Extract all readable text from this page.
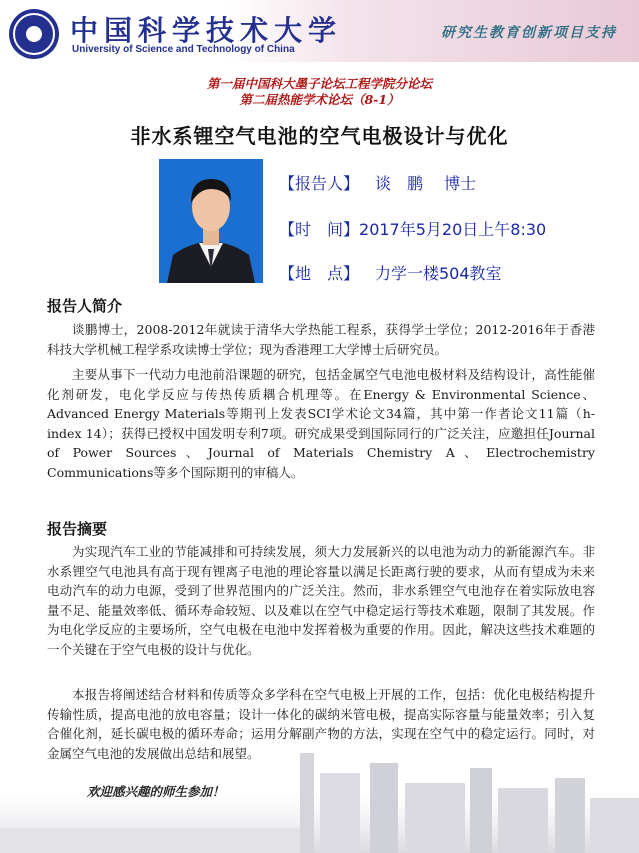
中国科学技术大学
University of Science and Technology of China
研究生教育创新项目支持
第一届中国科大墨子论坛工程学院分论坛
第二届热能学术论坛（8-1）
非水系锂空气电池的空气电极设计与优化
【报告人】 谈　鹏　 博士
【时　间】2017年5月20日上午8:30
【地　点】 力学一楼504教室
报告人简介

谈鹏博士，2008-2012年就读于清华大学热能工程系，获得学士学位；2012-2016年于香港科技大学机械工程学系攻读博士学位；现为香港理工大学博士后研究员。

主要从事下一代动力电池前沿课题的研究，包括金属空气电池电极材料及结构设计，高性能催化剂研发，电化学反应与传热传质耦合机理等。在Energy & Environmental Science、Advanced Energy Materials等期刊上发表SCI学术论文34篇，其中第一作者论文11篇（h-index 14）；获得已授权中国发明专利7项。研究成果受到国际同行的广泛关注，应邀担任Journal of Power Sources、Journal of Materials Chemistry A、Electrochemistry Communications等多个国际期刊的审稿人。

报告摘要

为实现汽车工业的节能减排和可持续发展，须大力发展新兴的以电池为动力的新能源汽车。非水系锂空气电池具有高于现有锂离子电池的理论容量以满足长距离行驶的要求，从而有望成为未来电动汽车的动力电源，受到了世界范围内的广泛关注。然而，非水系锂空气电池存在着实际放电容量不足、能量效率低、循环寿命较短、以及难以在空气中稳定运行等技术难题，限制了其发展。作为电化学反应的主要场所，空气电极在电池中发挥着极为重要的作用。因此，解决这些技术难题的一个关键在于空气电极的设计与优化。

本报告将阐述结合材料和传质等众多学科在空气电极上开展的工作，包括：优化电极结构提升传输性质，提高电池的放电容量；设计一体化的碳纳米管电极，提高实际容量与能量效率；引入复合催化剂，延长碳电极的循环寿命；运用分解副产物的方法，实现在空气中的稳定运行。同时，对金属空气电池的发展做出总结和展望。

欢迎感兴趣的师生参加！
